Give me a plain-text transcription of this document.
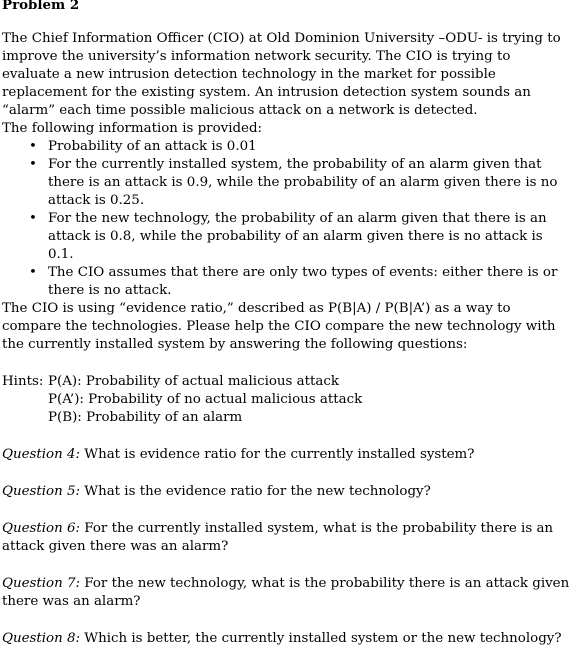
Problem 2

The Chief Information Officer (CIO) at Old Dominion University –ODU- is trying to improve the university’s information network security. The CIO is trying to evaluate a new intrusion detection technology in the market for possible replacement for the existing system. An intrusion detection system sounds an “alarm” each time possible malicious attack on a network is detected.

The following information is provided:
• Probability of an attack is 0.01
• For the currently installed system, the probability of an alarm given that there is an attack is 0.9, while the probability of an alarm given there is no attack is 0.25.
• For the new technology, the probability of an alarm given that there is an attack is 0.8, while the probability of an alarm given there is no attack is 0.1.
• The CIO assumes that there are only two types of events: either there is or there is no attack.
The CIO is using “evidence ratio,” described as P(B|A) / P(B|A’) as a way to compare the technologies. Please help the CIO compare the new technology with the currently installed system by answering the following questions:
Hints: P(A): Probability of actual malicious attack
P(A’): Probability of no actual malicious attack
P(B): Probability of an alarm

Question 4: What is evidence ratio for the currently installed system?

Question 5: What is the evidence ratio for the new technology?

Question 6: For the currently installed system, what is the probability there is an attack given there was an alarm?

Question 7: For the new technology, what is the probability there is an attack given there was an alarm?

Question 8: Which is better, the currently installed system or the new technology?
